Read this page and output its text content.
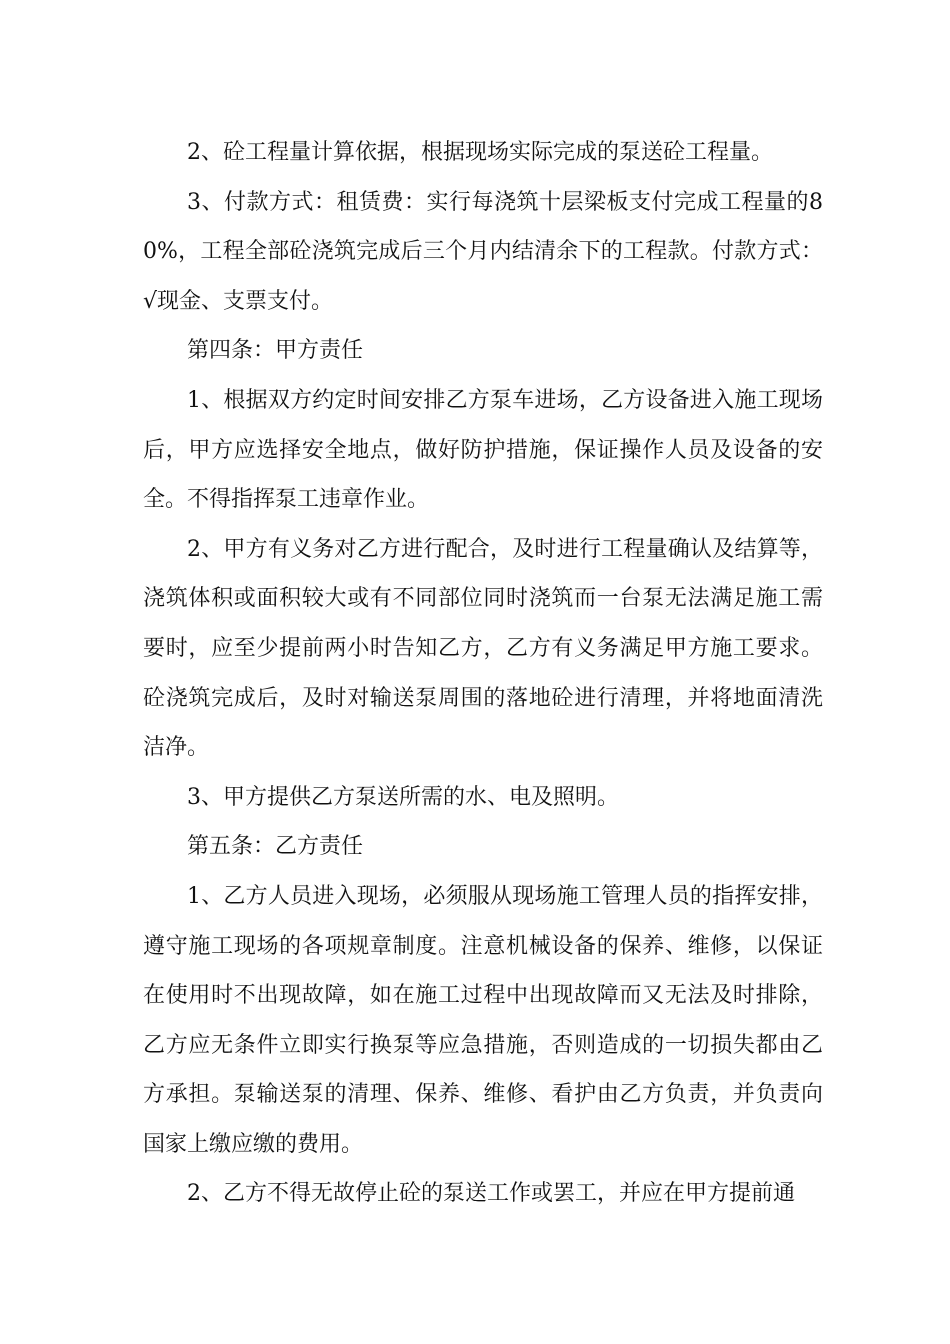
2、砼工程量计算依据，根据现场实际完成的泵送砼工程量。

3、付款方式：租赁费：实行每浇筑十层梁板支付完成工程量的80%，工程全部砼浇筑完成后三个月内结清余下的工程款。付款方式：√现金、支票支付。

第四条：甲方责任

1、根据双方约定时间安排乙方泵车进场，乙方设备进入施工现场后，甲方应选择安全地点，做好防护措施，保证操作人员及设备的安全。不得指挥泵工违章作业。

2、甲方有义务对乙方进行配合，及时进行工程量确认及结算等，浇筑体积或面积较大或有不同部位同时浇筑而一台泵无法满足施工需要时，应至少提前两小时告知乙方，乙方有义务满足甲方施工要求。砼浇筑完成后，及时对输送泵周围的落地砼进行清理，并将地面清洗洁净。

3、甲方提供乙方泵送所需的水、电及照明。

第五条：乙方责任

1、乙方人员进入现场，必须服从现场施工管理人员的指挥安排，遵守施工现场的各项规章制度。注意机械设备的保养、维修，以保证在使用时不出现故障，如在施工过程中出现故障而又无法及时排除，乙方应无条件立即实行换泵等应急措施，否则造成的一切损失都由乙方承担。泵输送泵的清理、保养、维修、看护由乙方负责，并负责向国家上缴应缴的费用。

2、乙方不得无故停止砼的泵送工作或罢工，并应在甲方提前通
